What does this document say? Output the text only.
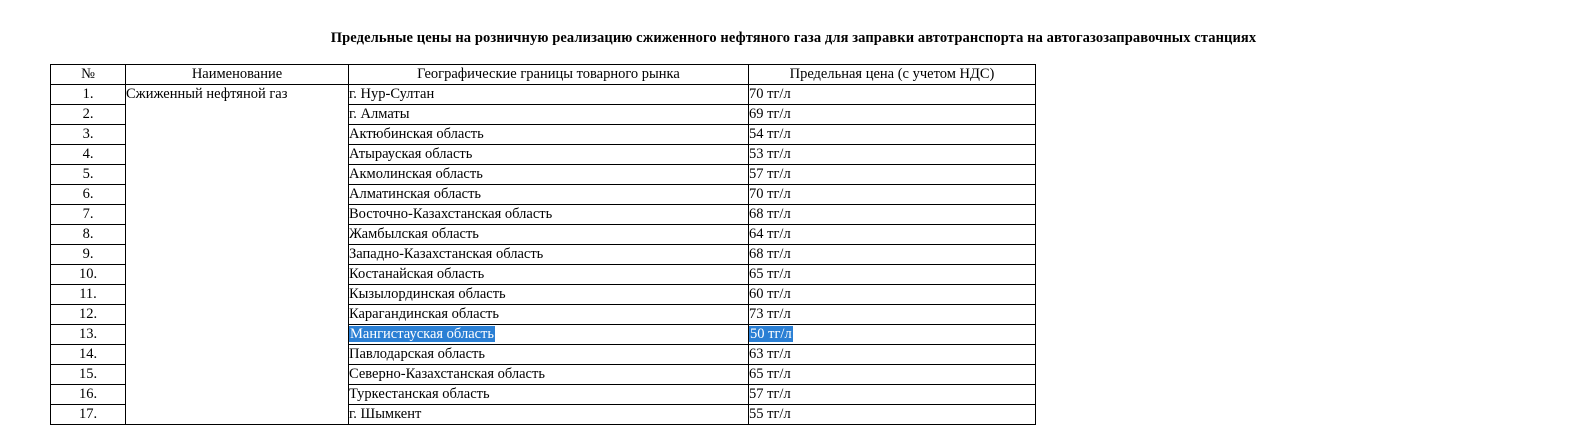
Предельные цены на розничную реализацию сжиженного нефтяного газа для заправки автотранспорта на автогазозаправочных станциях
№	Наименование	Географические границы товарного рынка	Предельная цена (с учетом НДС)
1.	Сжиженный нефтяной газ	г. Нур-Султан	70 тг/л
2.		г. Алматы	69 тг/л
3.		Актюбинская область	54 тг/л
4.		Атырауская область	53 тг/л
5.		Акмолинская область	57 тг/л
6.		Алматинская область	70 тг/л
7.		Восточно-Казахстанская область	68 тг/л
8.		Жамбылская область	64 тг/л
9.		Западно-Казахстанская область	68 тг/л
10.		Костанайская область	65 тг/л
11.		Кызылординская область	60 тг/л
12.		Карагандинская область	73 тг/л
13.		Мангистауская область	50 тг/л
14.		Павлодарская область	63 тг/л
15.		Северно-Казахстанская область	65 тг/л
16.		Туркестанская область	57 тг/л
17.		г. Шымкент	55 тг/л
